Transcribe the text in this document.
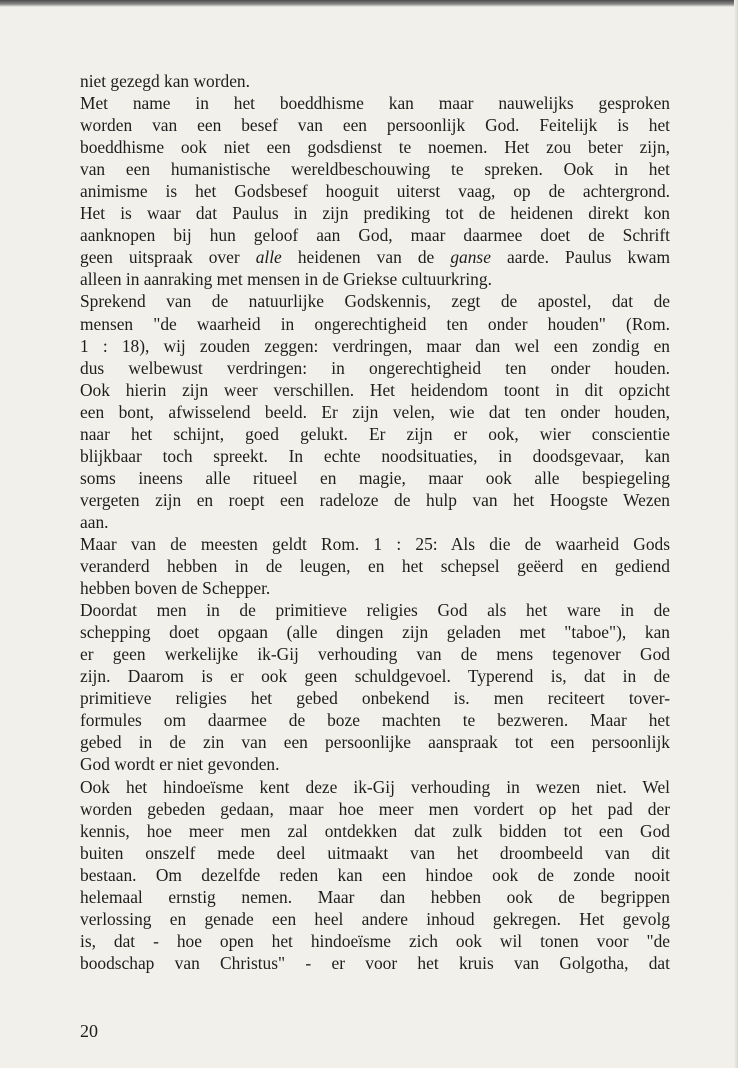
niet gezegd kan worden.
Met name in het boeddhisme kan maar nauwelijks gesproken
worden van een besef van een persoonlijk God. Feitelijk is het
boeddhisme ook niet een godsdienst te noemen. Het zou beter zijn,
van een humanistische wereldbeschouwing te spreken. Ook in het
animisme is het Godsbesef hooguit uiterst vaag, op de achtergrond.
Het is waar dat Paulus in zijn prediking tot de heidenen direkt kon
aanknopen bij hun geloof aan God, maar daarmee doet de Schrift
geen uitspraak over alle heidenen van de ganse aarde. Paulus kwam
alleen in aanraking met mensen in de Griekse cultuurkring.
Sprekend van de natuurlijke Godskennis, zegt de apostel, dat de
mensen "de waarheid in ongerechtigheid ten onder houden" (Rom.
1 : 18), wij zouden zeggen: verdringen, maar dan wel een zondig en
dus welbewust verdringen: in ongerechtigheid ten onder houden.
Ook hierin zijn weer verschillen. Het heidendom toont in dit opzicht
een bont, afwisselend beeld. Er zijn velen, wie dat ten onder houden,
naar het schijnt, goed gelukt. Er zijn er ook, wier conscientie
blijkbaar toch spreekt. In echte noodsituaties, in doodsgevaar, kan
soms ineens alle ritueel en magie, maar ook alle bespiegeling
vergeten zijn en roept een radeloze de hulp van het Hoogste Wezen
aan.
Maar van de meesten geldt Rom. 1 : 25: Als die de waarheid Gods
veranderd hebben in de leugen, en het schepsel geëerd en gediend
hebben boven de Schepper.
Doordat men in de primitieve religies God als het ware in de
schepping doet opgaan (alle dingen zijn geladen met "taboe"), kan
er geen werkelijke ik-Gij verhouding van de mens tegenover God
zijn. Daarom is er ook geen schuldgevoel. Typerend is, dat in de
primitieve religies het gebed onbekend is. men reciteert tover-
formules om daarmee de boze machten te bezweren. Maar het
gebed in de zin van een persoonlijke aanspraak tot een persoonlijk
God wordt er niet gevonden.
Ook het hindoeïsme kent deze ik-Gij verhouding in wezen niet. Wel
worden gebeden gedaan, maar hoe meer men vordert op het pad der
kennis, hoe meer men zal ontdekken dat zulk bidden tot een God
buiten onszelf mede deel uitmaakt van het droombeeld van dit
bestaan. Om dezelfde reden kan een hindoe ook de zonde nooit
helemaal ernstig nemen. Maar dan hebben ook de begrippen
verlossing en genade een heel andere inhoud gekregen. Het gevolg
is, dat - hoe open het hindoeïsme zich ook wil tonen voor "de
boodschap van Christus" - er voor het kruis van Golgotha, dat
20
